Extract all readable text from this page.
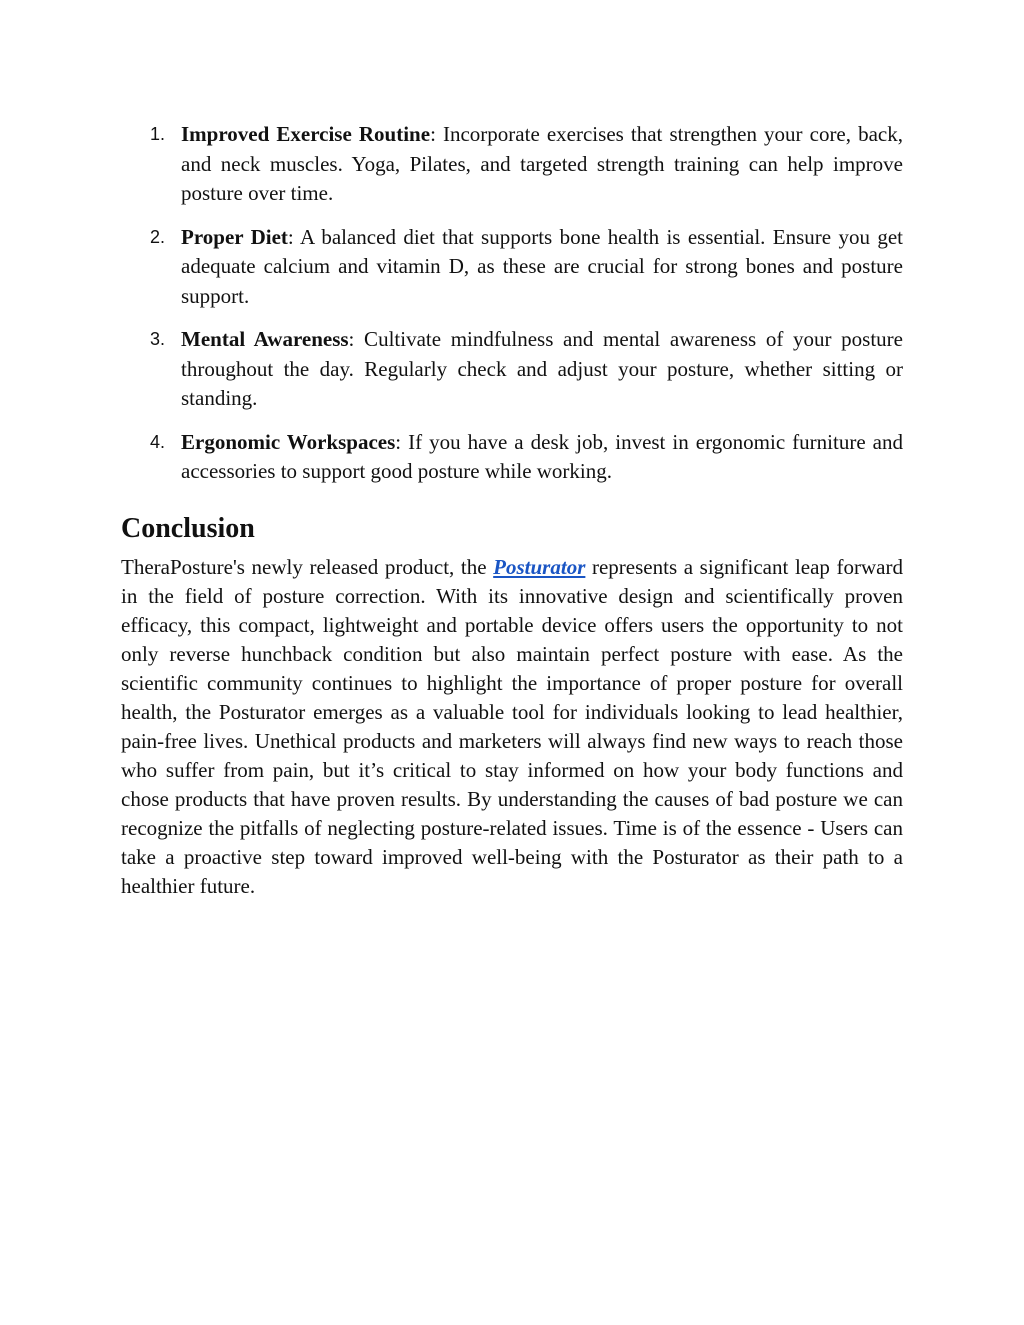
1. Improved Exercise Routine: Incorporate exercises that strengthen your core, back, and neck muscles. Yoga, Pilates, and targeted strength training can help improve posture over time.
2. Proper Diet: A balanced diet that supports bone health is essential. Ensure you get adequate calcium and vitamin D, as these are crucial for strong bones and posture support.
3. Mental Awareness: Cultivate mindfulness and mental awareness of your posture throughout the day. Regularly check and adjust your posture, whether sitting or standing.
4. Ergonomic Workspaces: If you have a desk job, invest in ergonomic furniture and accessories to support good posture while working.
Conclusion

TheraPosture's newly released product, the Posturator represents a significant leap forward in the field of posture correction. With its innovative design and scientifically proven efficacy, this compact, lightweight and portable device offers users the opportunity to not only reverse hunchback condition but also maintain perfect posture with ease. As the scientific community continues to highlight the importance of proper posture for overall health, the Posturator emerges as a valuable tool for individuals looking to lead healthier, pain-free lives. Unethical products and marketers will always find new ways to reach those who suffer from pain, but it’s critical to stay informed on how your body functions and chose products that have proven results. By understanding the causes of bad posture we can recognize the pitfalls of neglecting posture-related issues. Time is of the essence - Users can take a proactive step toward improved well-being with the Posturator as their path to a healthier future.
